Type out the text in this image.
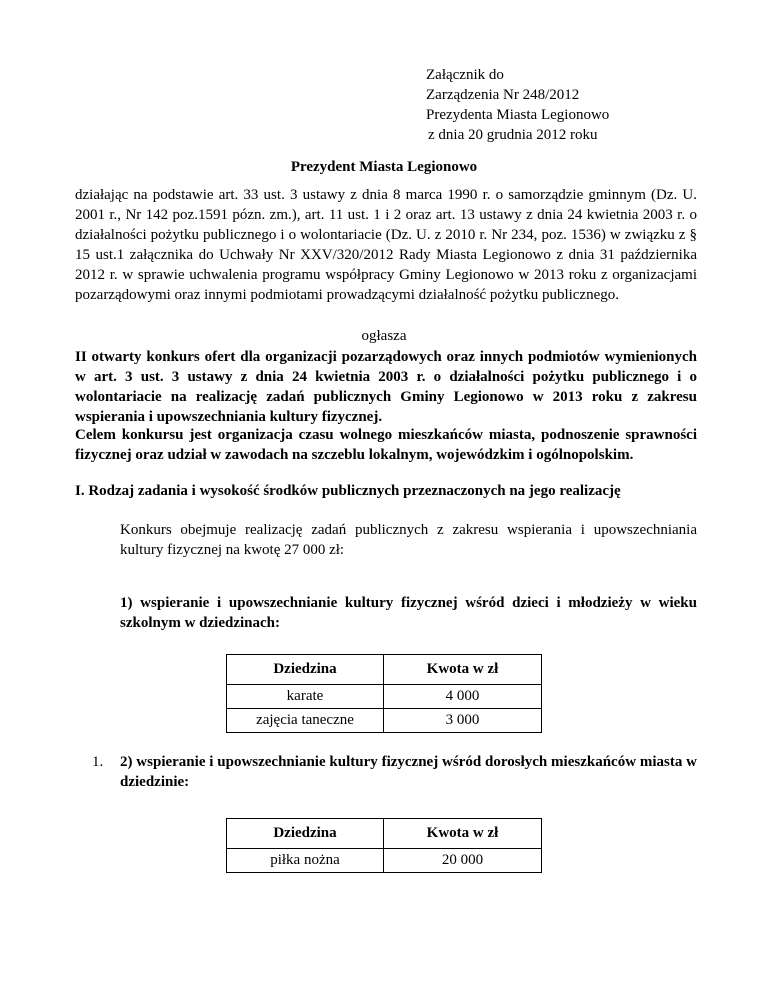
Załącznik do
Zarządzenia Nr 248/2012
Prezydenta Miasta Legionowo
z dnia 20 grudnia 2012 roku
Prezydent Miasta Legionowo
działając na podstawie art. 33 ust. 3 ustawy z dnia 8 marca 1990 r. o samorządzie gminnym (Dz. U. 2001 r., Nr 142 poz.1591 pózn. zm.), art. 11 ust. 1 i 2 oraz art. 13 ustawy z dnia 24 kwietnia 2003 r. o działalności pożytku publicznego i o wolontariacie (Dz. U. z 2010 r. Nr 234, poz. 1536) w związku z § 15 ust.1 załącznika do Uchwały Nr XXV/320/2012 Rady Miasta Legionowo z dnia 31 października 2012 r. w sprawie uchwalenia programu współpracy Gminy Legionowo w 2013 roku z organizacjami pozarządowymi oraz innymi podmiotami prowadzącymi działalność pożytku publicznego.
ogłasza
II otwarty konkurs ofert dla organizacji pozarządowych oraz innych podmiotów wymienionych w art. 3 ust. 3 ustawy z dnia 24 kwietnia 2003 r. o działalności pożytku publicznego i o wolontariacie na realizację zadań publicznych Gminy Legionowo w 2013 roku z zakresu wspierania i upowszechniania kultury fizycznej.
Celem konkursu jest organizacja czasu wolnego mieszkańców miasta, podnoszenie sprawności fizycznej oraz udział w zawodach na szczeblu lokalnym, wojewódzkim i ogólnopolskim.
I. Rodzaj zadania i wysokość środków publicznych przeznaczonych na jego realizację
Konkurs obejmuje realizację zadań publicznych z zakresu wspierania i upowszechniania kultury fizycznej na kwotę 27 000 zł:
1) wspieranie i upowszechnianie kultury fizycznej wśród dzieci i młodzieży w wieku szkolnym w dziedzinach:
Dziedzina	Kwota w zł
karate	4 000
zajęcia taneczne	3 000
1. 2) wspieranie i upowszechnianie kultury fizycznej wśród dorosłych mieszkańców miasta w dziedzinie:
Dziedzina	Kwota w zł
piłka nożna	20 000
